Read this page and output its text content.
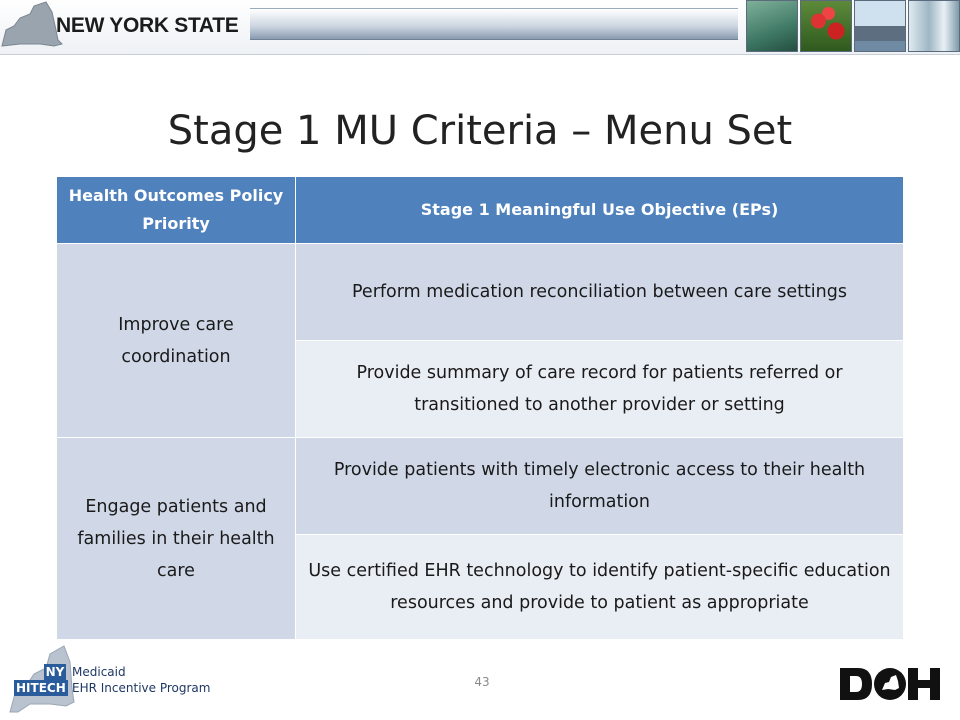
NEW YORK STATE
Stage 1 MU Criteria – Menu Set
Health Outcomes Policy Priority	Stage 1 Meaningful Use Objective (EPs)
Improve care coordination	Perform medication reconciliation between care settings
	Provide summary of care record for patients referred or transitioned to another provider or setting
Engage patients and families in their health care	Provide patients with timely electronic access to their health information
	Use certified EHR technology to identify patient-specific education resources and provide to patient as appropriate
NY
HITECH
Medicaid
EHR Incentive Program	43
